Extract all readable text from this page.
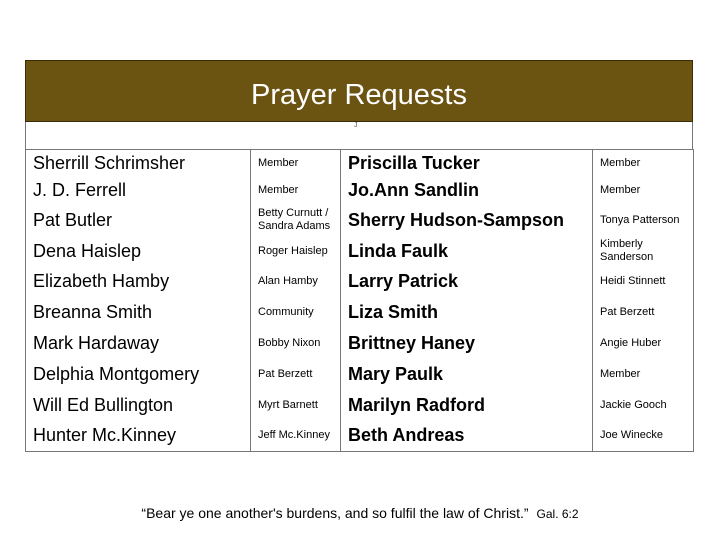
Prayer Requests
J
Sherrill Schrimsher	Member	Priscilla Tucker	Member
J. D. Ferrell	Member	Jo.Ann Sandlin	Member
Pat Butler	Betty Curnutt / Sandra Adams	Sherry Hudson-Sampson	Tonya Patterson
Dena Haislep	Roger Haislep	Linda Faulk	Kimberly Sanderson
Elizabeth Hamby	Alan Hamby	Larry Patrick	Heidi Stinnett
Breanna Smith	Community	Liza Smith	Pat Berzett
Mark Hardaway	Bobby Nixon	Brittney Haney	Angie Huber
Delphia Montgomery	Pat Berzett	Mary Paulk	Member
Will Ed Bullington	Myrt Barnett	Marilyn Radford	Jackie Gooch
Hunter Mc.Kinney	Jeff Mc.Kinney	Beth Andreas	Joe Winecke
“Bear ye one another's burdens, and so fulfil the law of Christ.” Gal. 6:2
